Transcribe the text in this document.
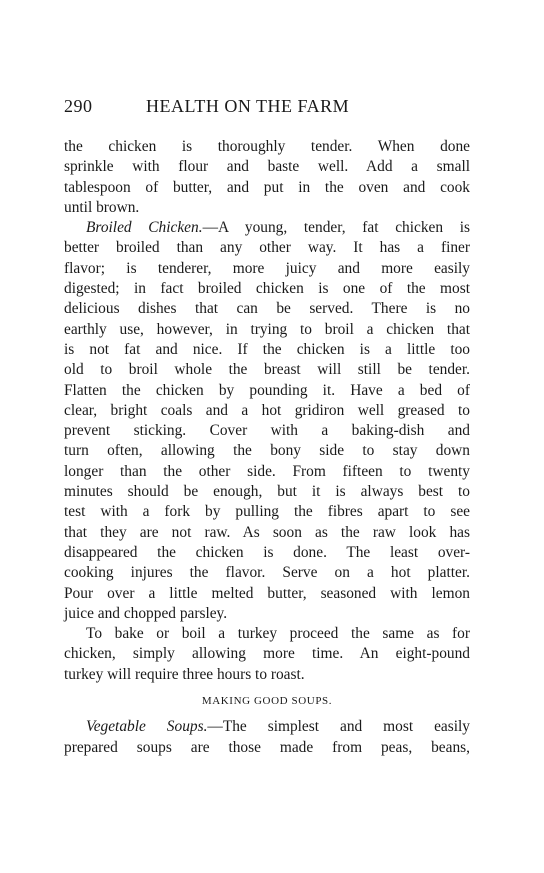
290	HEALTH ON THE FARM
the chicken is thoroughly tender. When done
sprinkle with flour and baste well. Add a small
tablespoon of butter, and put in the oven and cook
until brown.
Broiled Chicken.—A young, tender, fat chicken is
better broiled than any other way. It has a finer
flavor; is tenderer, more juicy and more easily
digested; in fact broiled chicken is one of the most
delicious dishes that can be served. There is no
earthly use, however, in trying to broil a chicken that
is not fat and nice. If the chicken is a little too
old to broil whole the breast will still be tender.
Flatten the chicken by pounding it. Have a bed of
clear, bright coals and a hot gridiron well greased to
prevent sticking. Cover with a baking-dish and
turn often, allowing the bony side to stay down
longer than the other side. From fifteen to twenty
minutes should be enough, but it is always best to
test with a fork by pulling the fibres apart to see
that they are not raw. As soon as the raw look has
disappeared the chicken is done. The least over-
cooking injures the flavor. Serve on a hot platter.
Pour over a little melted butter, seasoned with lemon
juice and chopped parsley.
To bake or boil a turkey proceed the same as for
chicken, simply allowing more time. An eight-pound
turkey will require three hours to roast.
MAKING GOOD SOUPS.
Vegetable Soups.—The simplest and most easily
prepared soups are those made from peas, beans,
